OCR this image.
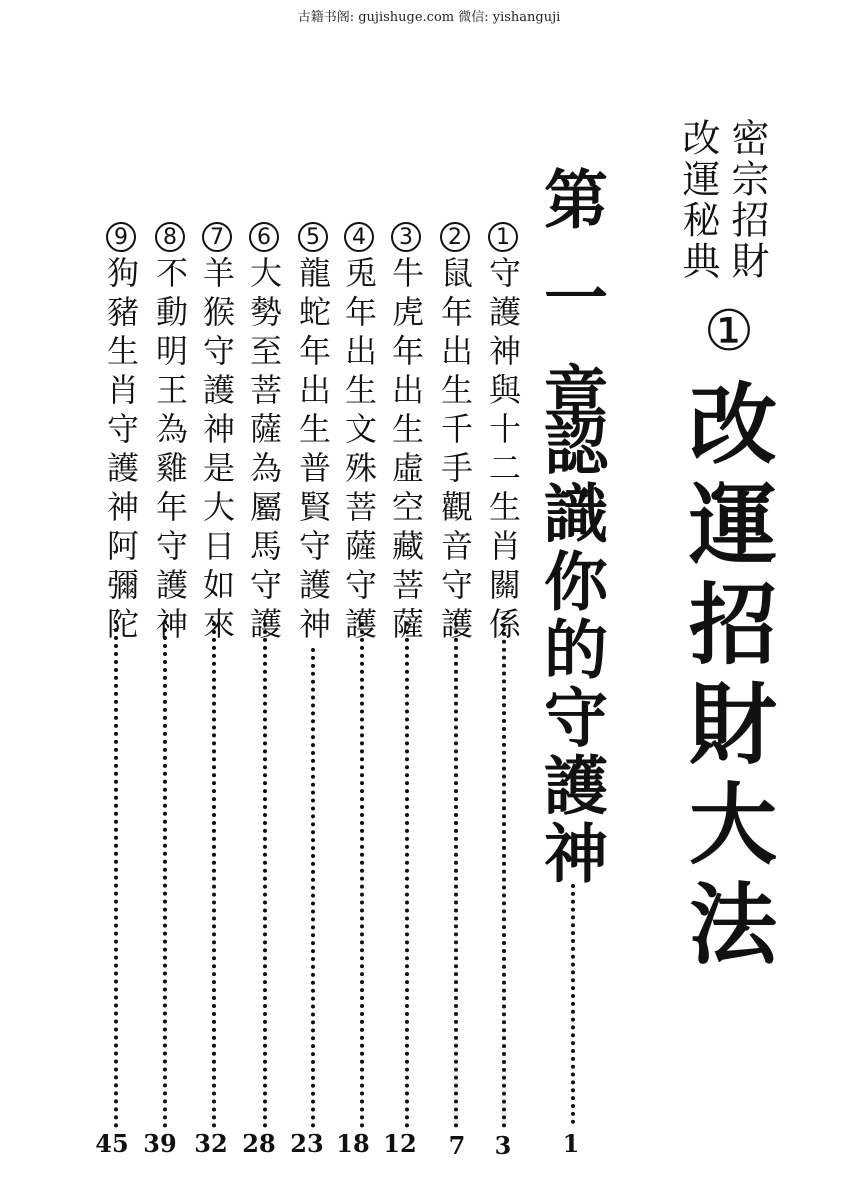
古籍书阁: gujishuge.com 微信: yishanguji
密宗招財
改運秘典
①
改運招財大法
第一章
認識你的守護神
1
1
守護神與十二生肖關係
3
2
鼠年出生千手觀音守護
7
3
牛虎年出生虛空藏菩薩
12
4
兎年出生文殊菩薩守護
18
5
龍蛇年出生普賢守護神
23
6
大勢至菩薩為屬馬守護
28
7
羊猴守護神是大日如來
32
8
不動明王為雞年守護神
39
9
狗豬生肖守護神阿彌陀
45
